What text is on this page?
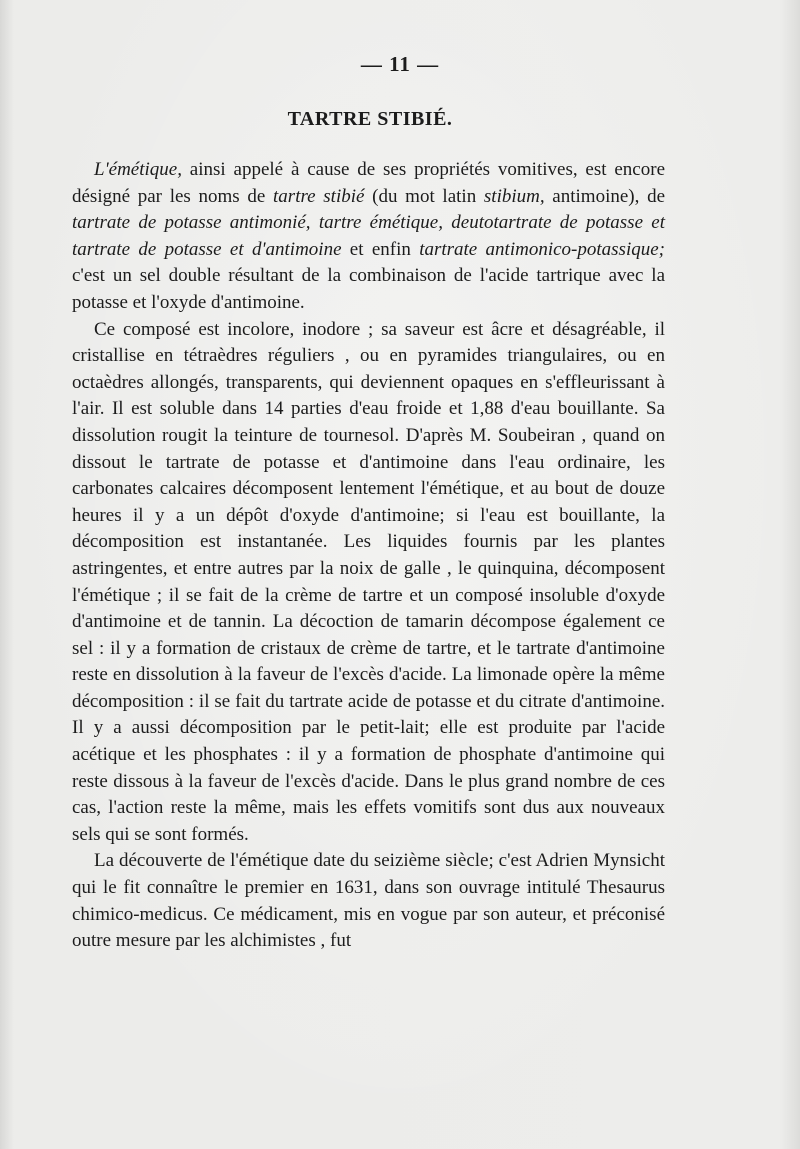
— 11 —
TARTRE STIBIÉ.

L'émétique, ainsi appelé à cause de ses propriétés vomitives, est encore désigné par les noms de tartre stibié (du mot latin stibium, antimoine), de tartrate de potasse antimonié, tartre émétique, deutotartrate de potasse et tartrate de potasse et d'antimoine et enfin tartrate antimonico-potassique; c'est un sel double résultant de la combinaison de l'acide tartrique avec la potasse et l'oxyde d'antimoine.

Ce composé est incolore, inodore ; sa saveur est âcre et désagréable, il cristallise en tétraèdres réguliers , ou en pyramides triangulaires, ou en octaèdres allongés, transparents, qui deviennent opaques en s'effleurissant à l'air. Il est soluble dans 14 parties d'eau froide et 1,88 d'eau bouillante. Sa dissolution rougit la teinture de tournesol. D'après M. Soubeiran , quand on dissout le tartrate de potasse et d'antimoine dans l'eau ordinaire, les carbonates calcaires décomposent lentement l'émétique, et au bout de douze heures il y a un dépôt d'oxyde d'antimoine; si l'eau est bouillante, la décomposition est instantanée. Les liquides fournis par les plantes astringentes, et entre autres par la noix de galle , le quinquina, décomposent l'émétique ; il se fait de la crème de tartre et un composé insoluble d'oxyde d'antimoine et de tannin. La décoction de tamarin décompose également ce sel : il y a formation de cristaux de crème de tartre, et le tartrate d'antimoine reste en dissolution à la faveur de l'excès d'acide. La limonade opère la même décomposition : il se fait du tartrate acide de potasse et du citrate d'antimoine. Il y a aussi décomposition par le petit-lait; elle est produite par l'acide acétique et les phosphates : il y a formation de phosphate d'antimoine qui reste dissous à la faveur de l'excès d'acide. Dans le plus grand nombre de ces cas, l'action reste la même, mais les effets vomitifs sont dus aux nouveaux sels qui se sont formés.

La découverte de l'émétique date du seizième siècle; c'est Adrien Mynsicht qui le fit connaître le premier en 1631, dans son ouvrage intitulé Thesaurus chimico-medicus. Ce médicament, mis en vogue par son auteur, et préconisé outre mesure par les alchimistes , fut
